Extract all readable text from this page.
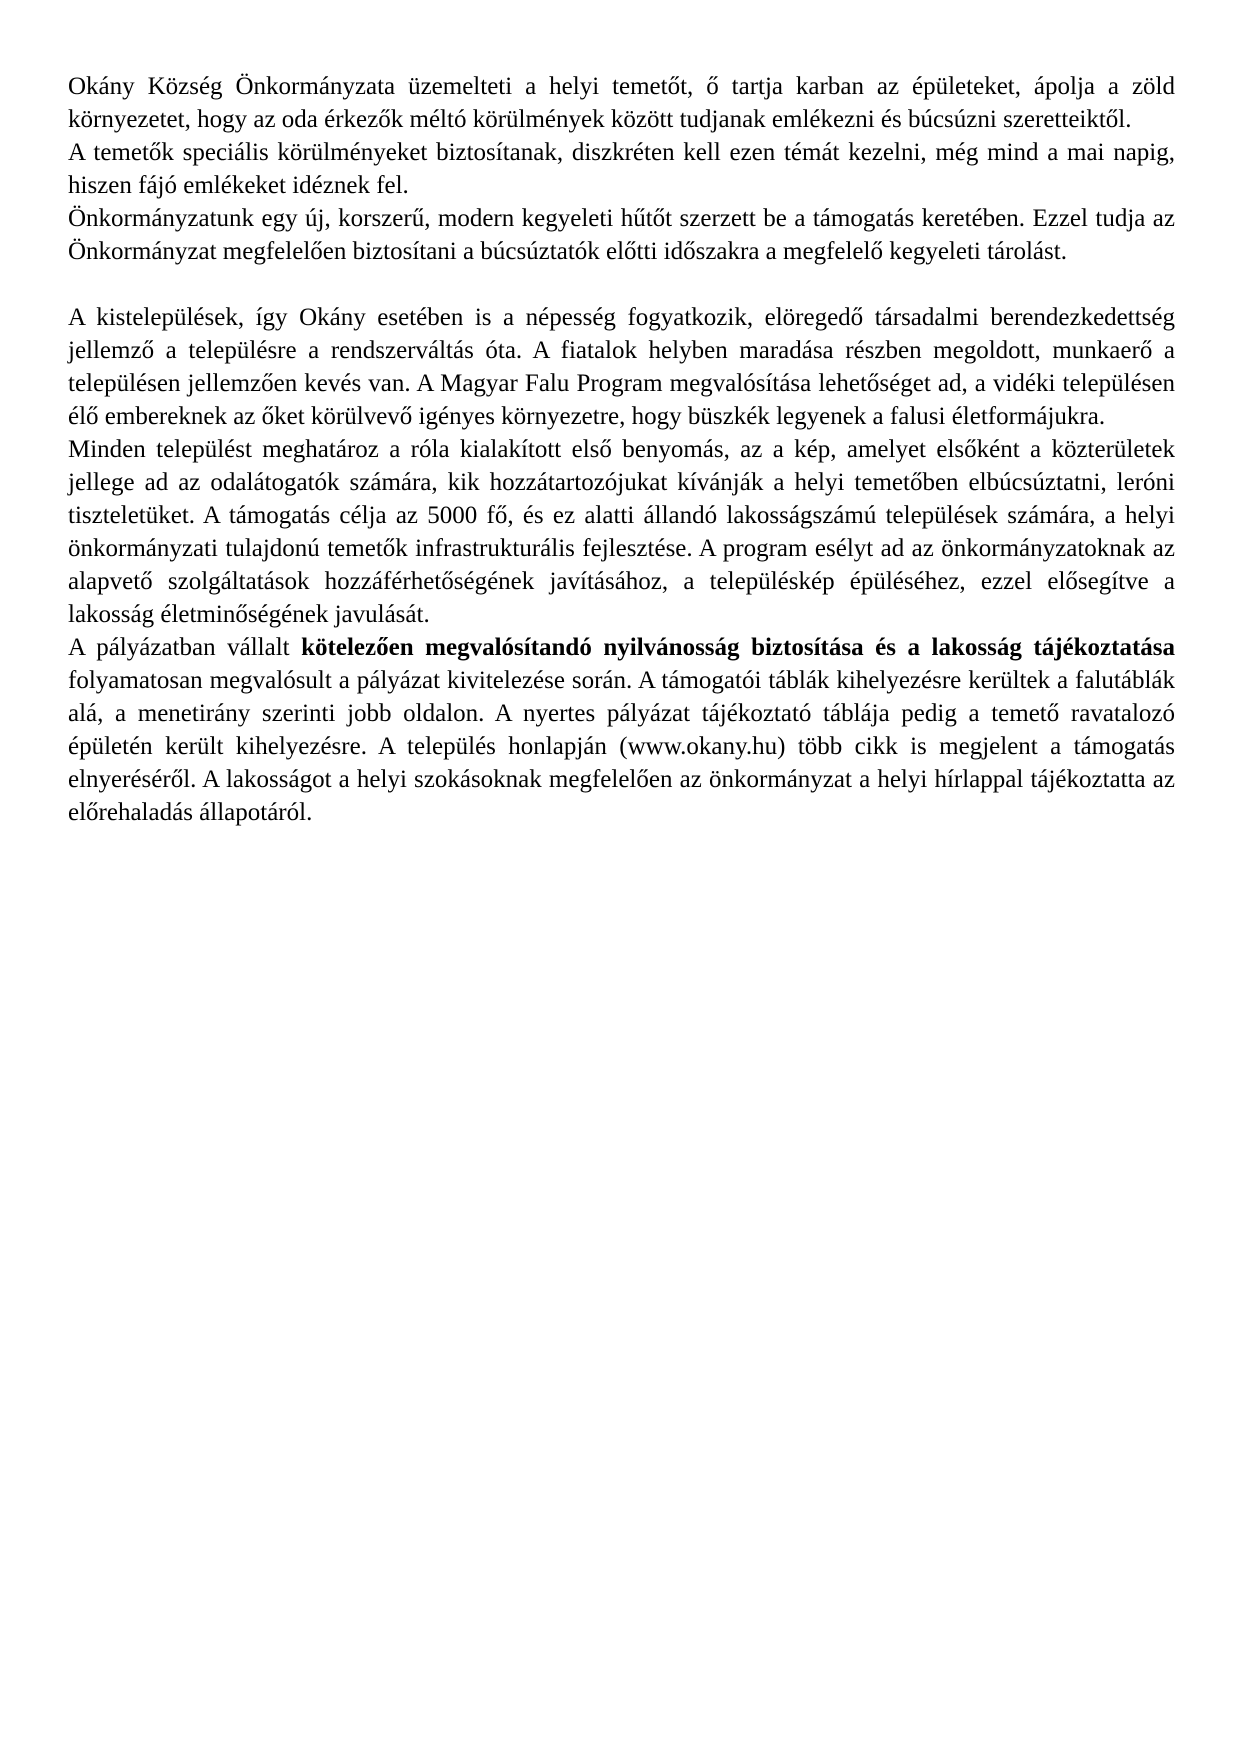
Okány Község Önkormányzata üzemelteti a helyi temetőt, ő tartja karban az épületeket, ápolja a zöld környezetet, hogy az oda érkezők méltó körülmények között tudjanak emlékezni és búcsúzni szeretteiktől.

A temetők speciális körülményeket biztosítanak, diszkréten kell ezen témát kezelni, még mind a mai napig, hiszen fájó emlékeket idéznek fel.

Önkormányzatunk egy új, korszerű, modern kegyeleti hűtőt szerzett be a támogatás keretében. Ezzel tudja az Önkormányzat megfelelően biztosítani a búcsúztatók előtti időszakra a megfelelő kegyeleti tárolást.

A kistelepülések, így Okány esetében is a népesség fogyatkozik, elöregedő társadalmi berendezkedettség jellemző a településre a rendszerváltás óta. A fiatalok helyben maradása részben megoldott, munkaerő a településen jellemzően kevés van. A Magyar Falu Program megvalósítása lehetőséget ad, a vidéki településen élő embereknek az őket körülvevő igényes környezetre, hogy büszkék legyenek a falusi életformájukra.

Minden települést meghatároz a róla kialakított első benyomás, az a kép, amelyet elsőként a közterületek jellege ad az odalátogatók számára, kik hozzátartozójukat kívánják a helyi temetőben elbúcsúztatni, leróni tiszteletüket. A támogatás célja az 5000 fő, és ez alatti állandó lakosságszámú települések számára, a helyi önkormányzati tulajdonú temetők infrastrukturális fejlesztése. A program esélyt ad az önkormányzatoknak az alapvető szolgáltatások hozzáférhetőségének javításához, a településkép épüléséhez, ezzel elősegítve a lakosság életminőségének javulását.

A pályázatban vállalt kötelezően megvalósítandó nyilvánosság biztosítása és a lakosság tájékoztatása folyamatosan megvalósult a pályázat kivitelezése során. A támogatói táblák kihelyezésre kerültek a falutáblák alá, a menetirány szerinti jobb oldalon. A nyertes pályázat tájékoztató táblája pedig a temető ravatalozó épületén került kihelyezésre. A település honlapján (www.okany.hu) több cikk is megjelent a támogatás elnyeréséről. A lakosságot a helyi szokásoknak megfelelően az önkormányzat a helyi hírlappal tájékoztatta az előrehaladás állapotáról.
